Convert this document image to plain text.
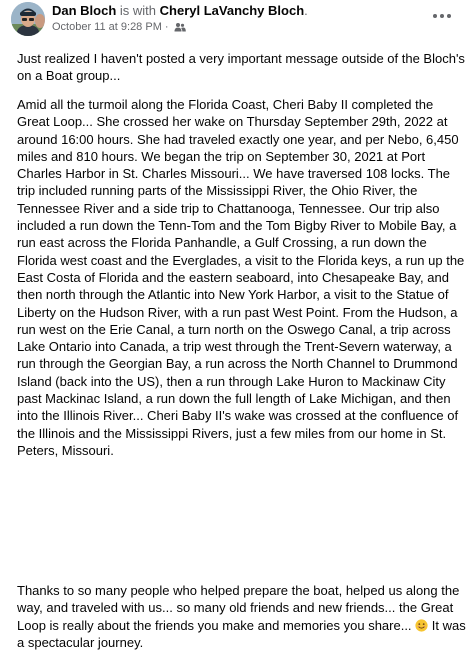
Dan Bloch is with Cheryl LaVanchy Bloch.
October 11 at 9:28 PM ·

Just realized I haven't posted a very important message outside of the Bloch's on a Boat group...

Amid all the turmoil along the Florida Coast, Cheri Baby II completed the Great Loop... She crossed her wake on Thursday September 29th, 2022 at around 16:00 hours. She had traveled exactly one year, and per Nebo, 6,450 miles and 810 hours. We began the trip on September 30, 2021 at Port Charles Harbor in St. Charles Missouri... We have traversed 108 locks. The trip included running parts of the Mississippi River, the Ohio River, the Tennessee River and a side trip to Chattanooga, Tennessee. Our trip also included a run down the Tenn-Tom and the Tom Bigby River to Mobile Bay, a run east across the Florida Panhandle, a Gulf Crossing, a run down the Florida west coast and the Everglades, a visit to the Florida keys, a run up the East Costa of Florida and the eastern seaboard, into Chesapeake Bay, and then north through the Atlantic into New York Harbor, a visit to the Statue of Liberty on the Hudson River, with a run past West Point. From the Hudson, a run west on the Erie Canal, a turn north on the Oswego Canal, a trip across Lake Ontario into Canada, a trip west through the Trent-Severn waterway, a run through the Georgian Bay, a run across the North Channel to Drummond Island (back into the US), then a run through Lake Huron to Mackinaw City past Mackinac Island, a run down the full length of Lake Michigan, and then into the Illinois River... Cheri Baby II's wake was crossed at the confluence of the Illinois and the Mississippi Rivers, just a few miles from our home in St. Peters, Missouri.

Thanks to so many people who helped prepare the boat, helped us along the way, and traveled with us... so many old friends and new friends... the Great Loop is really about the friends you make and memories you share...  It was a spectacular journey.
